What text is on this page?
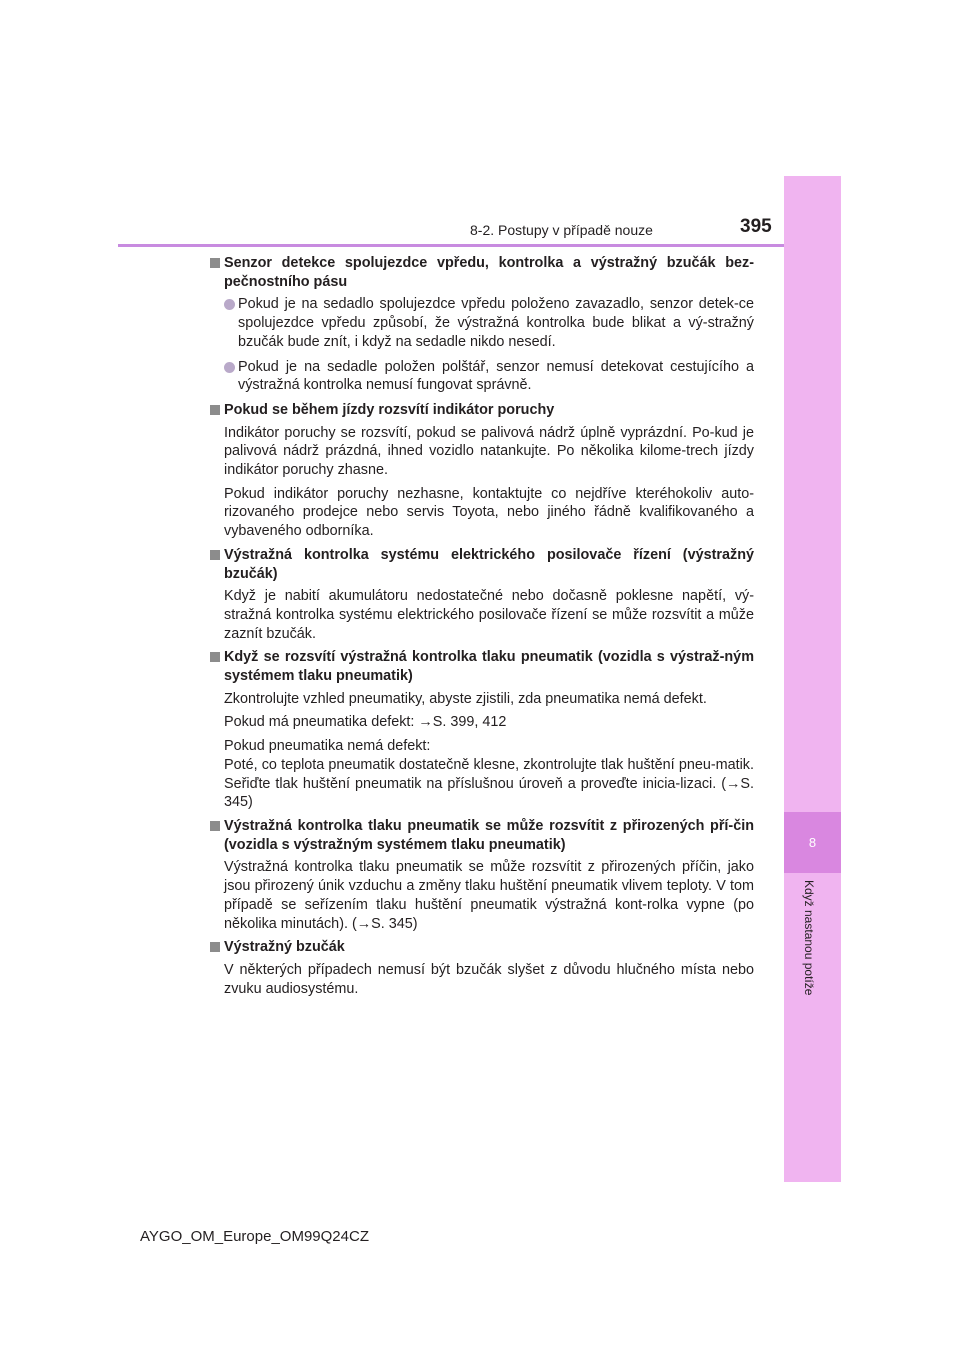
8
Když nastanou potíže
8-2. Postupy v případě nouze	395
Senzor detekce spolujezdce vpředu, kontrolka a výstražný bzučák bez-pečnostního pásu
Pokud je na sedadlo spolujezdce vpředu položeno zavazadlo, senzor detek-ce spolujezdce vpředu způsobí, že výstražná kontrolka bude blikat a vý-stražný bzučák bude znít, i když na sedadle nikdo nesedí.
Pokud je na sedadle položen polštář, senzor nemusí detekovat cestujícího a výstražná kontrolka nemusí fungovat správně.
Pokud se během jízdy rozsvítí indikátor poruchy
Indikátor poruchy se rozsvítí, pokud se palivová nádrž úplně vyprázdní. Po-kud je palivová nádrž prázdná, ihned vozidlo natankujte. Po několika kilome-trech jízdy indikátor poruchy zhasne.
Pokud indikátor poruchy nezhasne, kontaktujte co nejdříve kteréhokoliv auto-rizovaného prodejce nebo servis Toyota, nebo jiného řádně kvalifikovaného a vybaveného odborníka.
Výstražná kontrolka systému elektrického posilovače řízení (výstražný bzučák)
Když je nabití akumulátoru nedostatečné nebo dočasně poklesne napětí, vý-stražná kontrolka systému elektrického posilovače řízení se může rozsvítit a může zaznít bzučák.
Když se rozsvítí výstražná kontrolka tlaku pneumatik (vozidla s výstraž-ným systémem tlaku pneumatik)
Zkontrolujte vzhled pneumatiky, abyste zjistili, zda pneumatika nemá defekt.
Pokud má pneumatika defekt: →S. 399, 412
Pokud pneumatika nemá defekt:
Poté, co teplota pneumatik dostatečně klesne, zkontrolujte tlak huštění pneu-matik. Seřiďte tlak huštění pneumatik na příslušnou úroveň a proveďte inicia-lizaci. (→S. 345)
Výstražná kontrolka tlaku pneumatik se může rozsvítit z přirozených pří-čin (vozidla s výstražným systémem tlaku pneumatik)
Výstražná kontrolka tlaku pneumatik se může rozsvítit z přirozených příčin, jako jsou přirozený únik vzduchu a změny tlaku huštění pneumatik vlivem teploty. V tom případě se seřízením tlaku huštění pneumatik výstražná kont-rolka vypne (po několika minutách). (→S. 345)
Výstražný bzučák
V některých případech nemusí být bzučák slyšet z důvodu hlučného místa nebo zvuku audiosystému.
AYGO_OM_Europe_OM99Q24CZ
